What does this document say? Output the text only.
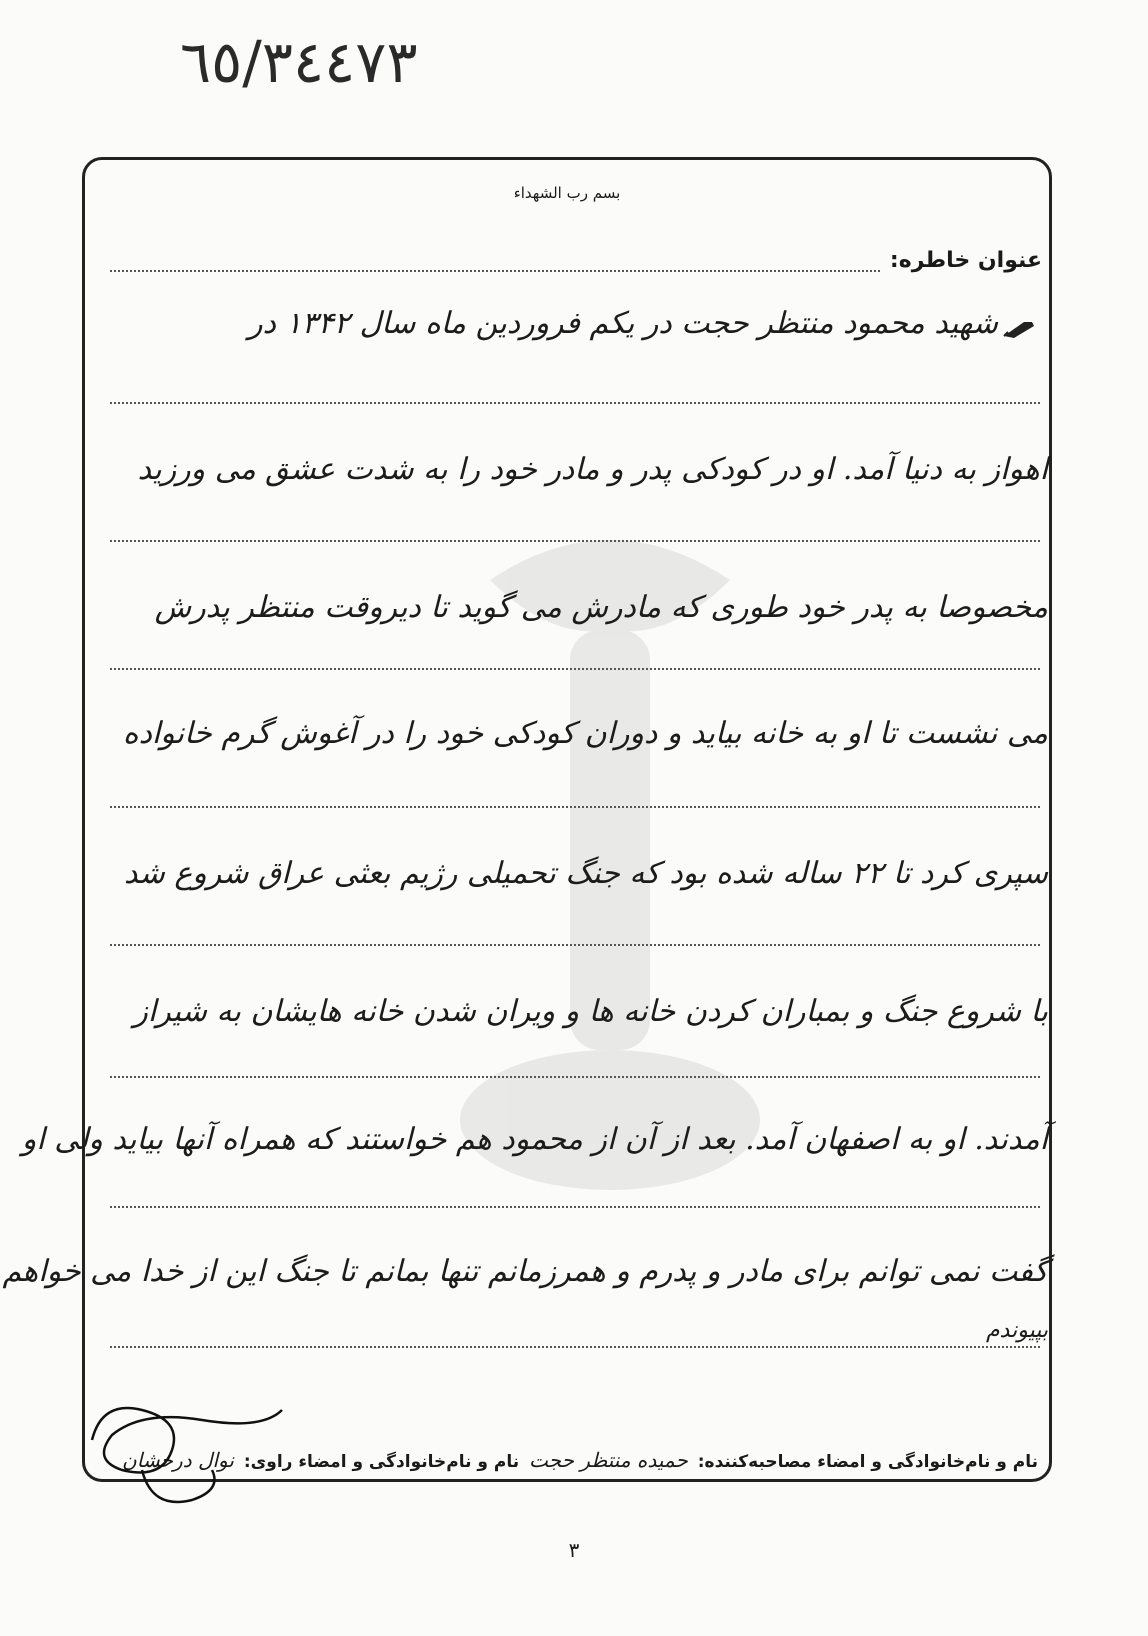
٦٥/٣٤٤٧٣
بسم رب الشهداء
عنوان خاطره:
شهید محمود منتظر حجت در یکم فروردین ماه سال ۱۳۴۲ در
اهواز به دنیا آمد. او در کودکی پدر و مادر خود را به شدت عشق می ورزید
مخصوصا به پدر خود طوری که مادرش می گوید تا دیروقت منتظر پدرش
می نشست تا او به خانه بیاید و دوران کودکی خود را در آغوش گرم خانواده
سپری کرد تا ۲۲ ساله شده بود که جنگ تحمیلی رژیم بعثی عراق شروع شد
با شروع جنگ و بمباران کردن خانه ها و ویران شدن خانه هایشان به شیراز
آمدند. او به اصفهان آمد. بعد از آن از محمود هم خواستند که همراه آنها بیاید ولی او
گفت نمی توانم برای مادر و پدرم و همرزمانم تنها بمانم تا جنگ این از خدا می خواهم
بپیوندم
نام و نام‌خانوادگی و امضاء مصاحبه‌کننده: حمیده منتظر حجت نام و نام‌خانوادگی و امضاء راوی: نوال درخشان
۳
